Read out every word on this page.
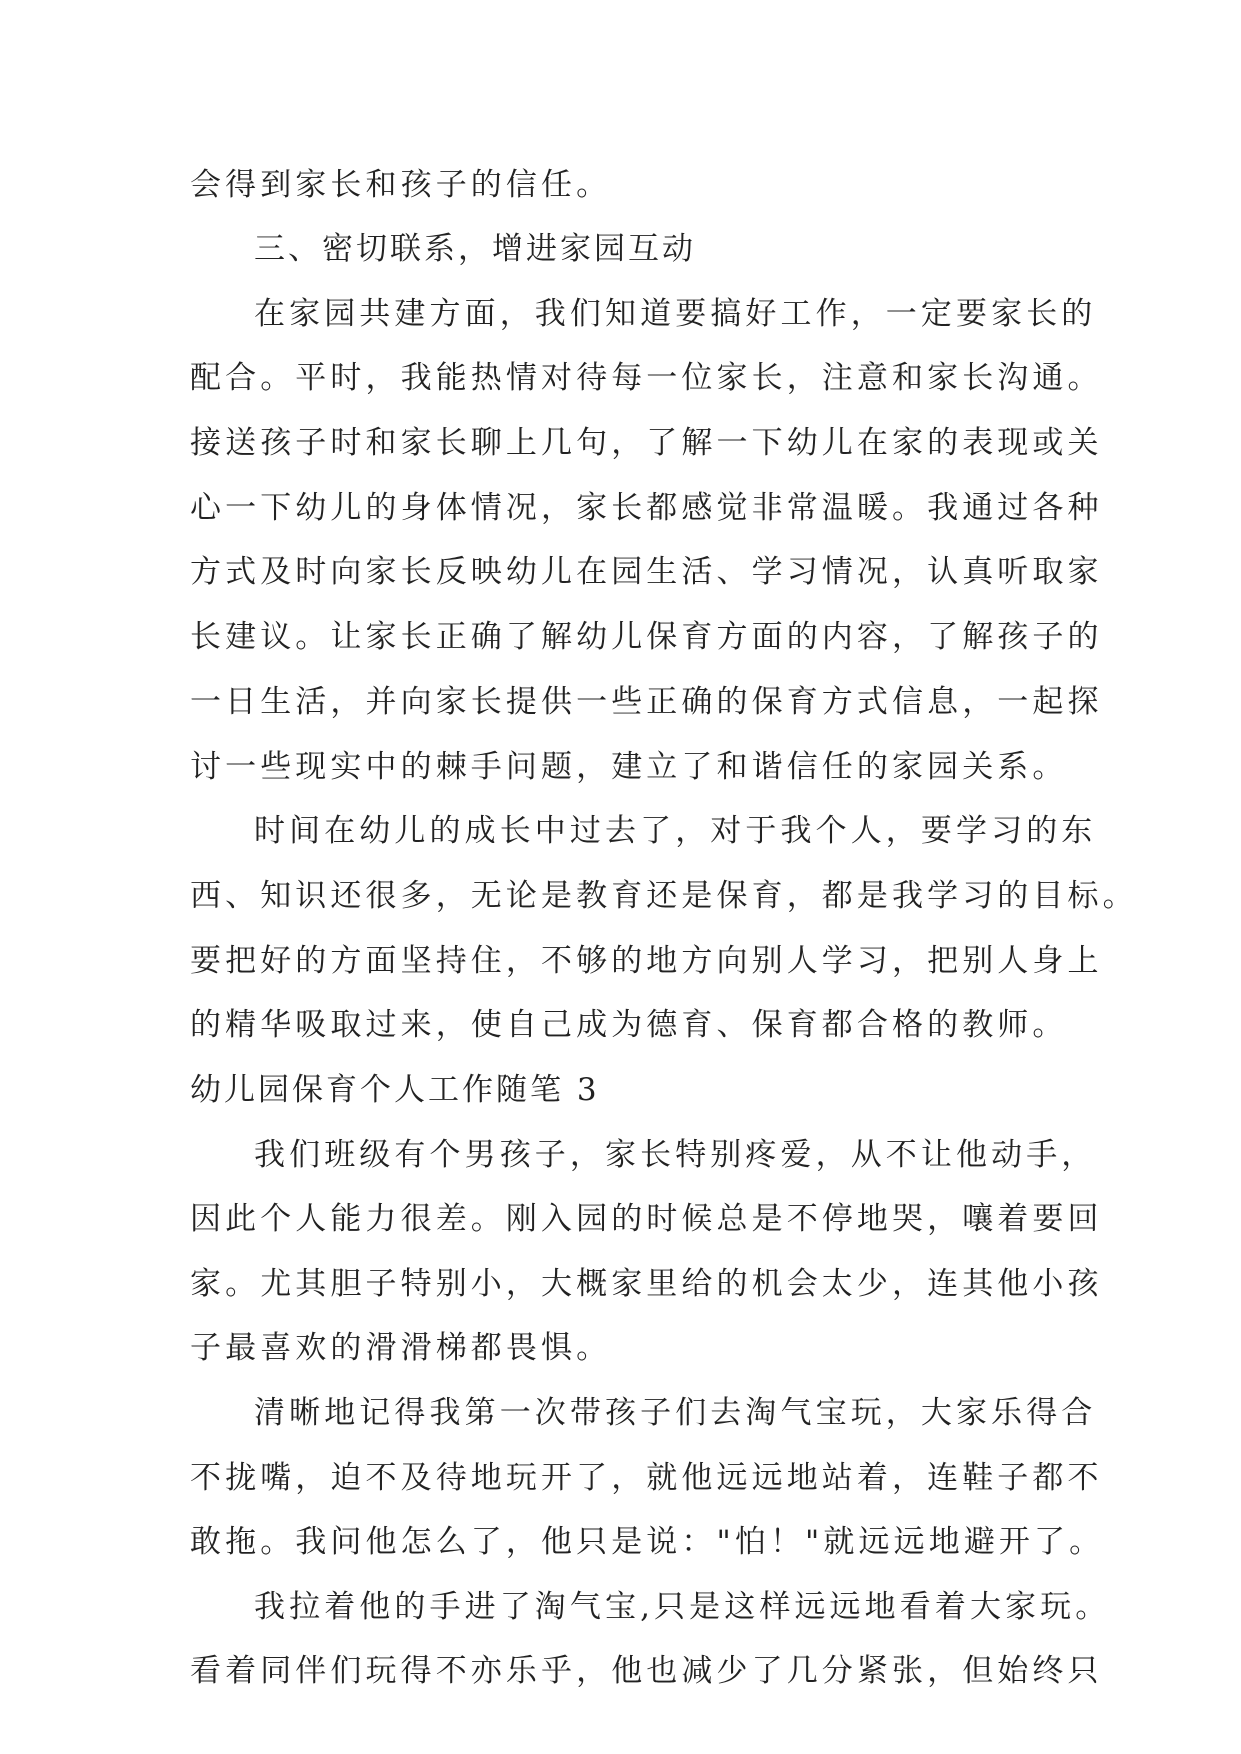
会得到家长和孩子的信任。
三、密切联系，增进家园互动
在家园共建方面，我们知道要搞好工作，一定要家长的
配合。平时，我能热情对待每一位家长，注意和家长沟通。
接送孩子时和家长聊上几句，了解一下幼儿在家的表现或关
心一下幼儿的身体情况，家长都感觉非常温暖。我通过各种
方式及时向家长反映幼儿在园生活、学习情况，认真听取家
长建议。让家长正确了解幼儿保育方面的内容，了解孩子的
一日生活，并向家长提供一些正确的保育方式信息，一起探
讨一些现实中的棘手问题，建立了和谐信任的家园关系。
时间在幼儿的成长中过去了，对于我个人，要学习的东
西、知识还很多，无论是教育还是保育，都是我学习的目标。
要把好的方面坚持住，不够的地方向别人学习，把别人身上
的精华吸取过来，使自己成为德育、保育都合格的教师。
幼儿园保育个人工作随笔 3
我们班级有个男孩子，家长特别疼爱，从不让他动手，
因此个人能力很差。刚入园的时候总是不停地哭，嚷着要回
家。尤其胆子特别小，大概家里给的机会太少，连其他小孩
子最喜欢的滑滑梯都畏惧。
清晰地记得我第一次带孩子们去淘气宝玩，大家乐得合
不拢嘴，迫不及待地玩开了，就他远远地站着，连鞋子都不
敢拖。我问他怎么了，他只是说："怕！"就远远地避开了。
我拉着他的手进了淘气宝,只是这样远远地看着大家玩。
看着同伴们玩得不亦乐乎，他也减少了几分紧张，但始终只
